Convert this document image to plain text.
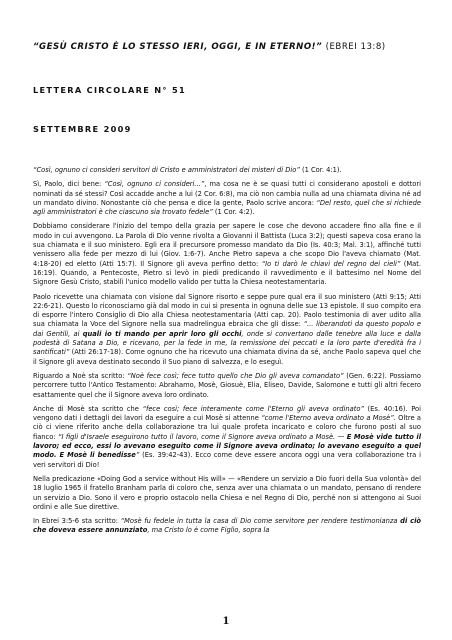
“GESÙ CRISTO È LO STESSO IERI, OGGI, E IN ETERNO!” (EBREI 13:8)
LETTERA CIRCOLARE N° 51
SETTEMBRE 2009

“Così, ognuno ci consideri servitori di Cristo e amministratori dei misteri di Dio” (1 Cor. 4:1).

Sì, Paolo, dici bene: “Così, ognuno ci consideri...”, ma cosa ne è se quasi tutti ci considerano apostoli e dottori nominati da sé stessi? Così accadde anche a lui (2 Cor. 6:8), ma ciò non cambia nulla ad una chiamata divina né ad un mandato divino. Nonostante ciò che pensa e dice la gente, Paolo scrive ancora: “Del resto, quel che si richiede agli amministratori è che ciascuno sia trovato fedele” (1 Cor. 4:2).

Dobbiamo considerare l'inizio del tempo della grazia per sapere le cose che devono accadere fino alla fine e il modo in cui avvengono. La Parola di Dio venne rivolta a Giovanni il Battista (Luca 3:2); questi sapeva cosa erano la sua chiamata e il suo ministero. Egli era il precursore promesso mandato da Dio (Is. 40:3; Mal. 3:1), affinché tutti venissero alla fede per mezzo di lui (Giov. 1:6-7). Anche Pietro sapeva a che scopo Dio l'aveva chiamato (Mat. 4:18-20) ed eletto (Atti 15:7). Il Signore gli aveva perfino detto: “Io ti darò le chiavi del regno dei cieli” (Mat. 16:19). Quando, a Pentecoste, Pietro si levò in piedi predicando il ravvedimento e il battesimo nel Nome del Signore Gesù Cristo, stabilì l'unico modello valido per tutta la Chiesa neotestamentaria.

Paolo ricevette una chiamata con visione dal Signore risorto e seppe pure qual era il suo ministero (Atti 9:15; Atti 22:6-21). Questo lo riconosciamo già dal modo in cui si presenta in ognuna delle sue 13 epistole. Il suo compito era di esporre l'intero Consiglio di Dio alla Chiesa neotestamentaria (Atti cap. 20). Paolo testimonia di aver udito alla sua chiamata la Voce del Signore nella sua madrelingua ebraica che gli disse: “... liberandoti da questo popolo e dai Gentili, ai quali io ti mando per aprir loro gli occhi, onde si convertano dalle tenebre alla luce e dalla podestà di Satana a Dio, e ricevano, per la fede in me, la remissione dei peccati e la loro parte d'eredità fra i santificati” (Atti 26:17-18). Come ognuno che ha ricevuto una chiamata divina da sé, anche Paolo sapeva quel che il Signore gli aveva destinato secondo il Suo piano di salvezza, e lo eseguì.

Riguardo a Noè sta scritto: “Noè fece così; fece tutto quello che Dio gli aveva comandato” (Gen. 6:22). Possiamo percorrere tutto l'Antico Testamento: Abrahamo, Mosè, Giosuè, Elia, Eliseo, Davide, Salomone e tutti gli altri fecero esattamente quel che il Signore aveva loro ordinato.

Anche di Mosè sta scritto che “fece così; fece interamente come l'Eterno gli aveva ordinato” (Es. 40:16). Poi vengono dati i dettagli dei lavori da eseguire a cui Mosè si attenne “come l'Eterno aveva ordinato a Mosè”. Oltre a ciò ci viene riferito anche della collaborazione tra lui quale profeta incaricato e coloro che furono posti al suo fianco: “I figli d'Israele eseguirono tutto il lavoro, come il Signore aveva ordinato a Mosè. — E Mosè vide tutto il lavoro; ed ecco, essi lo avevano eseguito come il Signore aveva ordinato; lo avevano eseguito a quel modo. E Mosè li benedisse” (Es. 39:42-43). Ecco come deve essere ancora oggi una vera collaborazione tra i veri servitori di Dio!

Nella predicazione «Doing God a service without His will» — «Rendere un servizio a Dio fuori della Sua volontà» del 18 luglio 1965 il fratello Branham parla di coloro che, senza aver una chiamata o un mandato, pensano di rendere un servizio a Dio. Sono il vero e proprio ostacolo nella Chiesa e nel Regno di Dio, perché non si attengono ai Suoi ordini e alle Sue direttive.

In Ebrei 3:5-6 sta scritto: “Mosè fu fedele in tutta la casa di Dio come servitore per rendere testimonianza di ciò che doveva essere annunziato, ma Cristo lo è come Figlio, sopra la

1
